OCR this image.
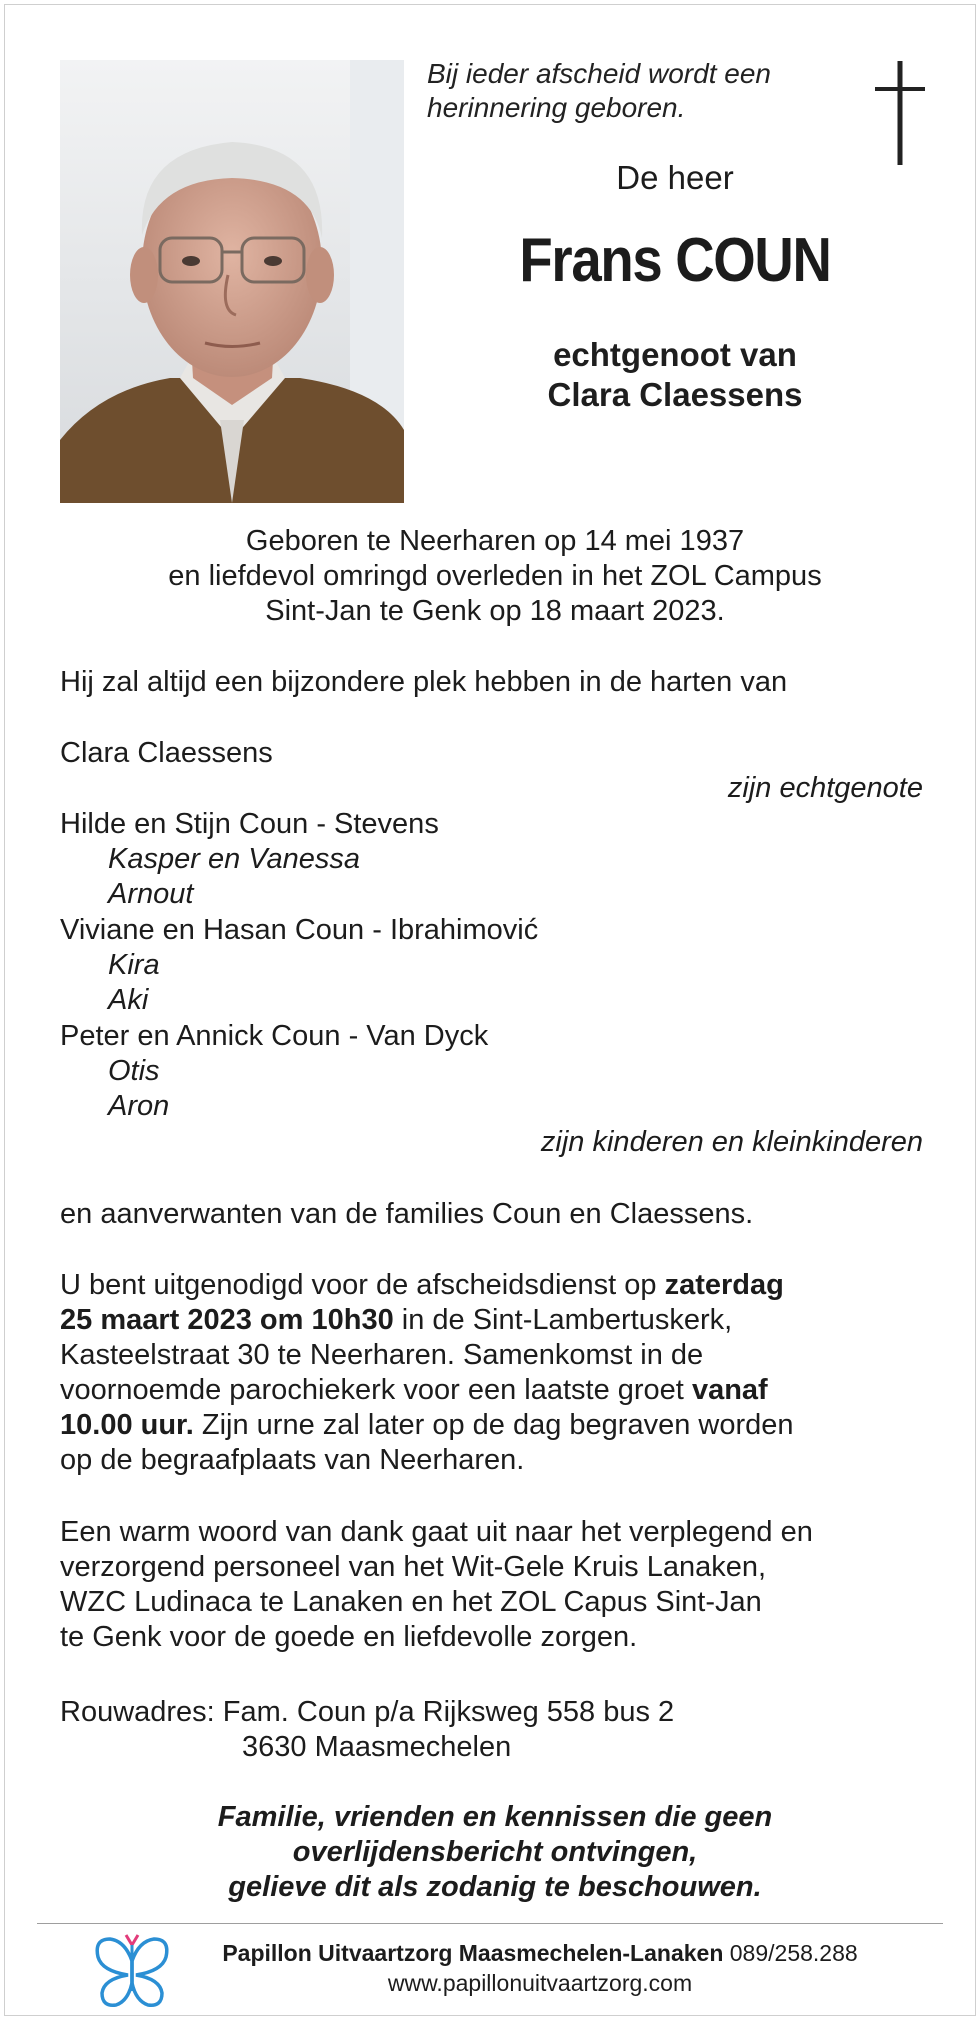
Bij ieder afscheid wordt een
herinnering geboren.
De heer
Frans COUN
echtgenoot van
Clara Claessens
Geboren te Neerharen op 14 mei 1937
en liefdevol omringd overleden in het ZOL Campus
Sint-Jan te Genk op 18 maart 2023.
Hij zal altijd een bijzondere plek hebben in de harten van
Clara Claessens
zijn echtgenote
Hilde en Stijn Coun - Stevens
Kasper en Vanessa
Arnout
Viviane en Hasan Coun - Ibrahimović
Kira
Aki
Peter en Annick Coun - Van Dyck
Otis
Aron
zijn kinderen en kleinkinderen
en aanverwanten van de families Coun en Claessens.
U bent uitgenodigd voor de afscheidsdienst op zaterdag
25 maart 2023 om 10h30 in de Sint-Lambertuskerk,
Kasteelstraat 30 te Neerharen. Samenkomst in de
voornoemde parochiekerk voor een laatste groet vanaf
10.00 uur. Zijn urne zal later op de dag begraven worden
op de begraafplaats van Neerharen.
Een warm woord van dank gaat uit naar het verplegend en
verzorgend personeel van het Wit-Gele Kruis Lanaken,
WZC Ludinaca te Lanaken en het ZOL Capus Sint-Jan
te Genk voor de goede en liefdevolle zorgen.
Rouwadres: Fam. Coun p/a Rijksweg 558 bus 2
3630 Maasmechelen
Familie, vrienden en kennissen die geen
overlijdensbericht ontvingen,
gelieve dit als zodanig te beschouwen.
Papillon Uitvaartzorg Maasmechelen-Lanaken 089/258.288
www.papillonuitvaartzorg.com
